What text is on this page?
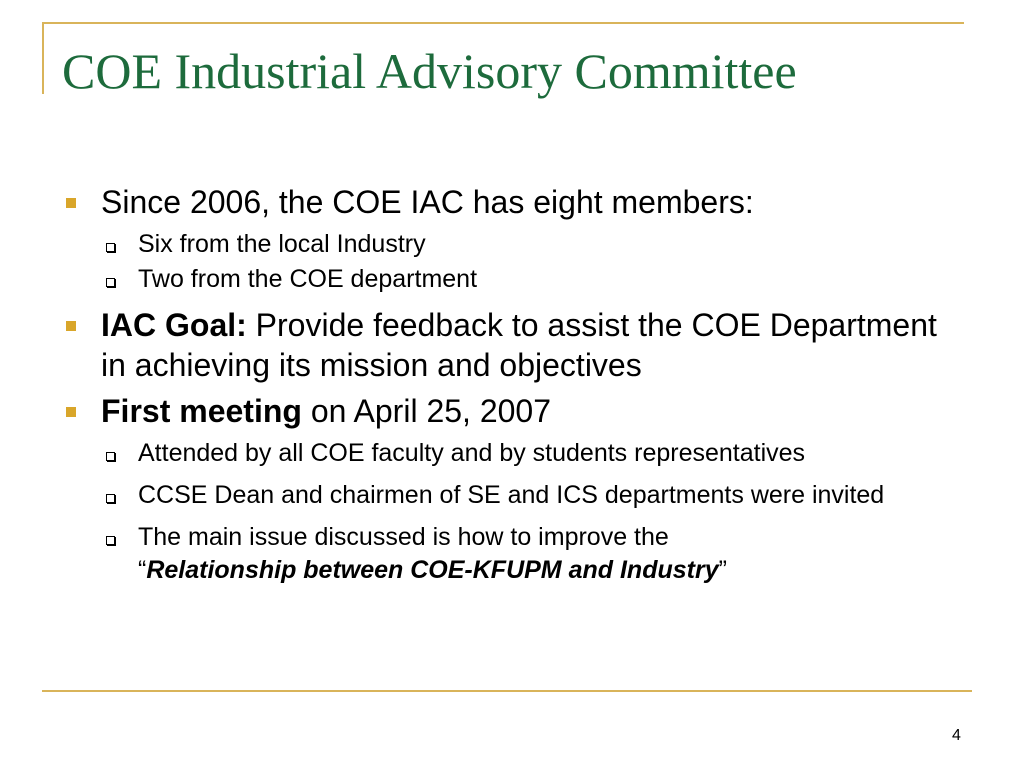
COE Industrial Advisory Committee
Since 2006, the COE IAC has eight members:
Six from the local Industry
Two from the COE department
IAC Goal: Provide feedback to assist the COE Department in achieving its mission and objectives
First meeting on April 25, 2007
Attended by all COE faculty and by students representatives
CCSE Dean and chairmen of SE and ICS departments were invited
The main issue discussed is how to improve the
“Relationship between COE-KFUPM and Industry”
4
